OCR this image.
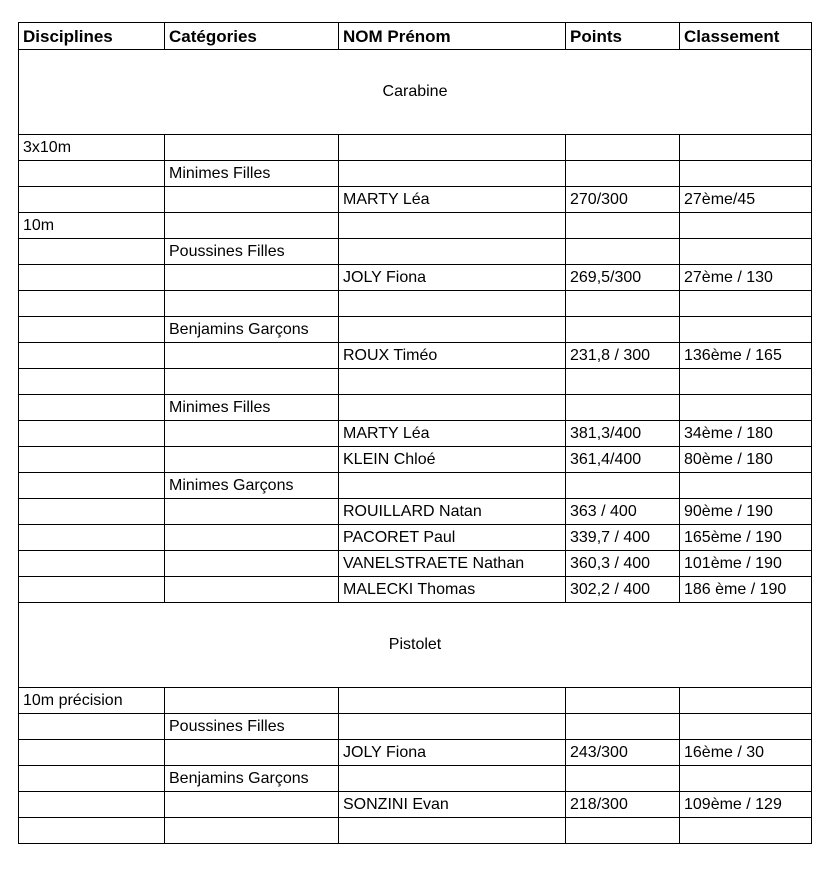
Disciplines	Catégories	NOM Prénom	Points	Classement
Carabine				
3x10m				
	Minimes Filles			
		MARTY Léa	270/300	27ème/45
10m				
	Poussines Filles			
		JOLY Fiona	269,5/300	27ème / 130

	Benjamins Garçons			
		ROUX Timéo	231,8 / 300	136ème / 165

	Minimes Filles			
		MARTY Léa	381,3/400	34ème / 180
		KLEIN Chloé	361,4/400	80ème / 180
	Minimes Garçons			
		ROUILLARD Natan	363 / 400	90ème / 190
		PACORET Paul	339,7 / 400	165ème / 190
		VANELSTRAETE Nathan	360,3 / 400	101ème / 190
		MALECKI Thomas	302,2 / 400	186 ème / 190
Pistolet				
10m précision				
	Poussines Filles			
		JOLY Fiona	243/300	16ème / 30
	Benjamins Garçons			
		SONZINI Evan	218/300	109ème / 129
